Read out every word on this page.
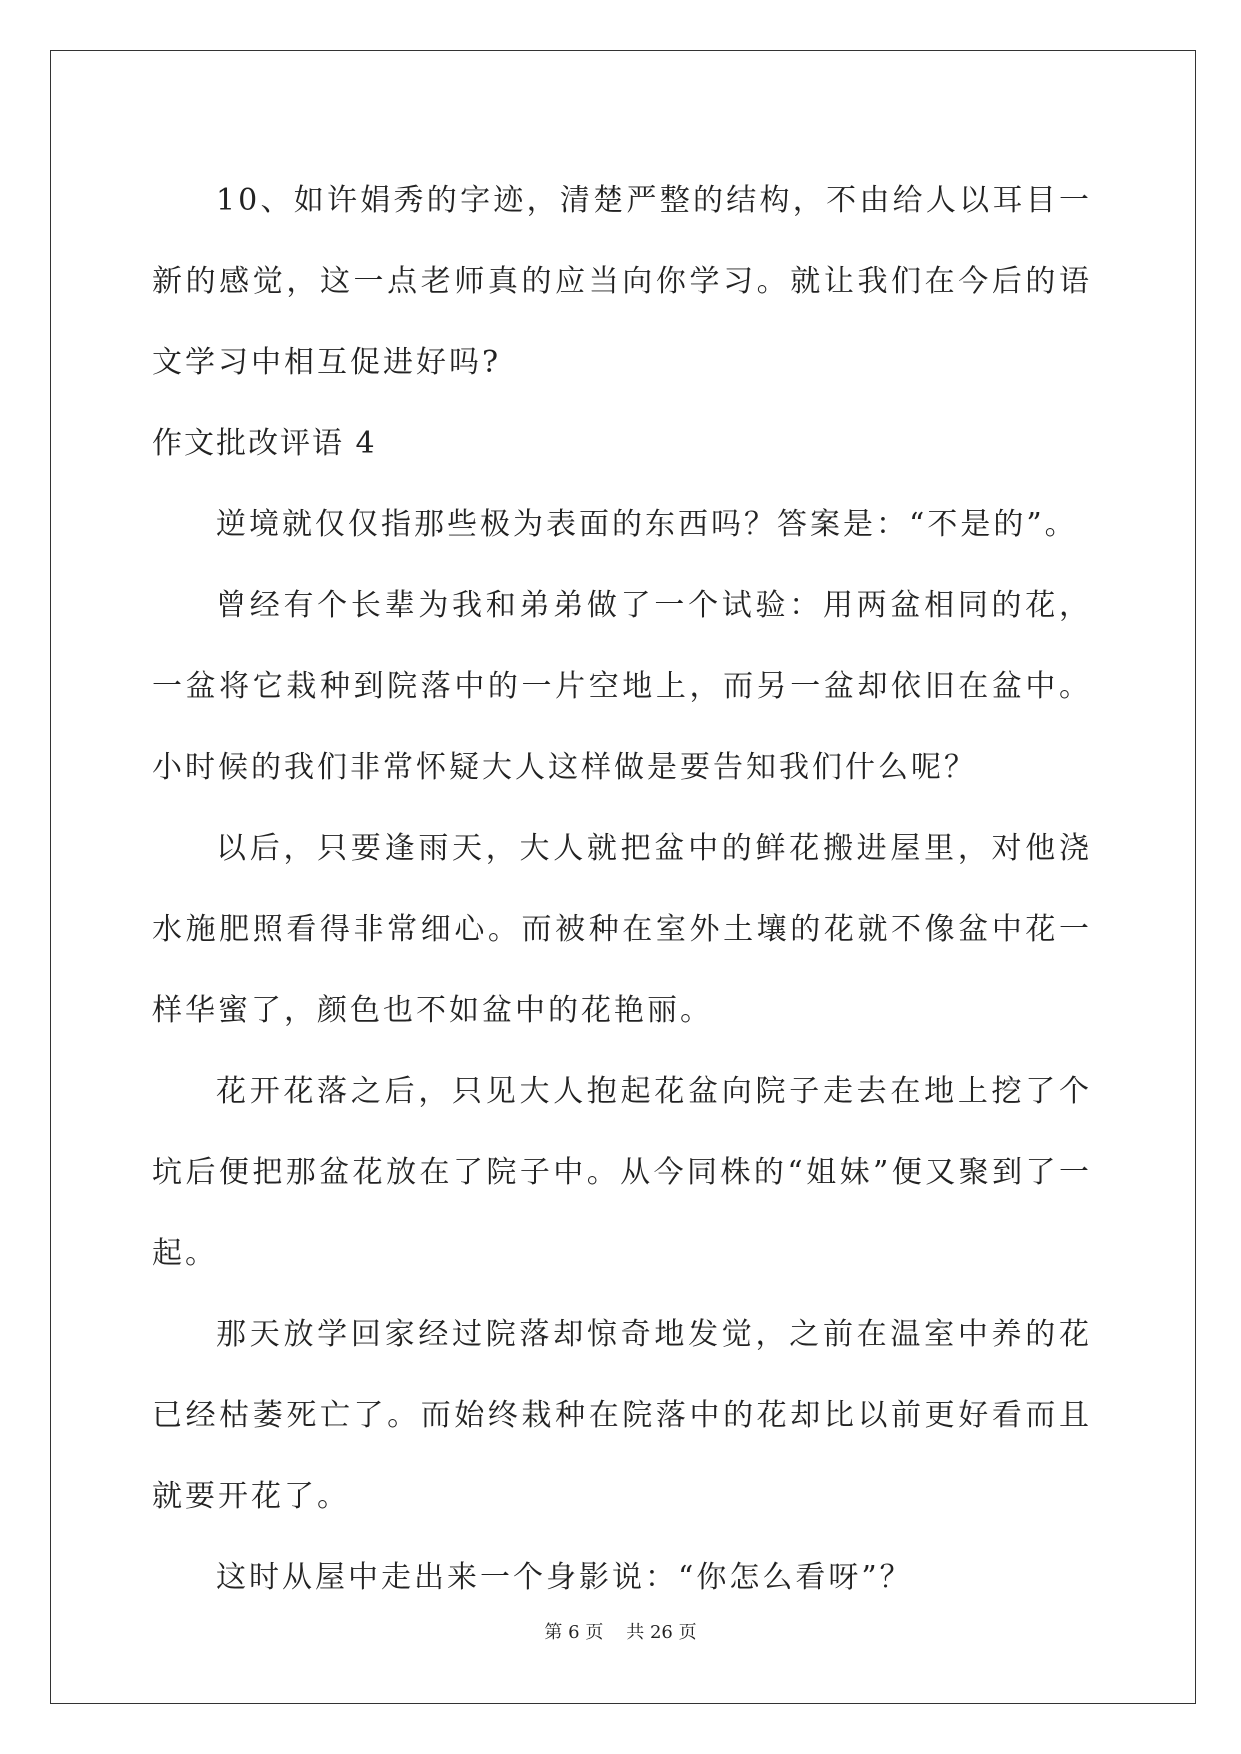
10、如许娟秀的字迹，清楚严整的结构，不由给人以耳目一新的感觉，这一点老师真的应当向你学习。就让我们在今后的语文学习中相互促进好吗?

作文批改评语 4

逆境就仅仅指那些极为表面的东西吗？答案是：“不是的”。

曾经有个长辈为我和弟弟做了一个试验：用两盆相同的花，一盆将它栽种到院落中的一片空地上，而另一盆却依旧在盆中。小时候的我们非常怀疑大人这样做是要告知我们什么呢？

以后，只要逢雨天，大人就把盆中的鲜花搬进屋里，对他浇水施肥照看得非常细心。而被种在室外土壤的花就不像盆中花一样华蜜了，颜色也不如盆中的花艳丽。

花开花落之后，只见大人抱起花盆向院子走去在地上挖了个坑后便把那盆花放在了院子中。从今同株的“姐妹”便又聚到了一起。

那天放学回家经过院落却惊奇地发觉，之前在温室中养的花已经枯萎死亡了。而始终栽种在院落中的花却比以前更好看而且就要开花了。

这时从屋中走出来一个身影说：“你怎么看呀”？

第 6 页 共 26 页
